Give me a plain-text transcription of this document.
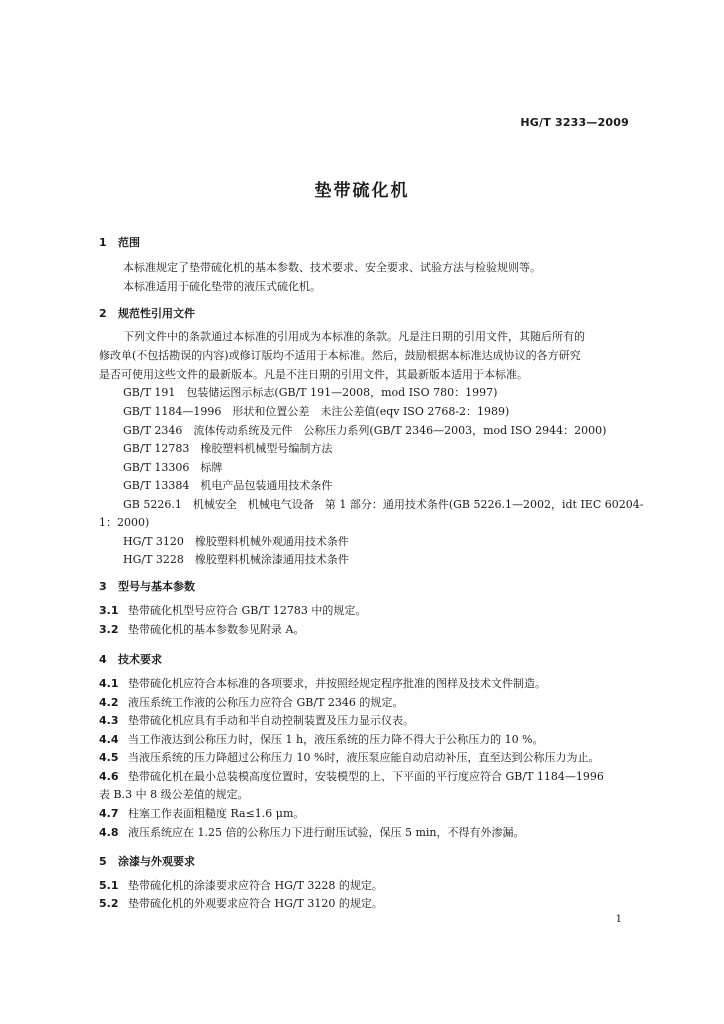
HG/T 3233—2009
垫带硫化机
1 范围
本标准规定了垫带硫化机的基本参数、技术要求、安全要求、试验方法与检验规则等。
本标准适用于硫化垫带的液压式硫化机。
2 规范性引用文件
下列文件中的条款通过本标准的引用成为本标准的条款。凡是注日期的引用文件，其随后所有的
修改单(不包括勘误的内容)或修订版均不适用于本标准。然后，鼓励根据本标准达成协议的各方研究
是否可使用这些文件的最新版本。凡是不注日期的引用文件，其最新版本适用于本标准。
GB/T 191　包装储运图示标志(GB/T 191—2008，mod ISO 780：1997)
GB/T 1184—1996　形状和位置公差　未注公差值(eqv ISO 2768-2：1989)
GB/T 2346　流体传动系统及元件　公称压力系列(GB/T 2346—2003，mod ISO 2944：2000)
GB/T 12783　橡胶塑料机械型号编制方法
GB/T 13306　标牌
GB/T 13384　机电产品包装通用技术条件
GB 5226.1　机械安全　机械电气设备　第 1 部分：通用技术条件(GB 5226.1—2002，idt IEC 60204-
1：2000)
HG/T 3120　橡胶塑料机械外观通用技术条件
HG/T 3228　橡胶塑料机械涂漆通用技术条件
3 型号与基本参数
3.1 垫带硫化机型号应符合 GB/T 12783 中的规定。
3.2 垫带硫化机的基本参数参见附录 A。
4 技术要求
4.1 垫带硫化机应符合本标准的各项要求，并按照经规定程序批准的图样及技术文件制造。
4.2 液压系统工作液的公称压力应符合 GB/T 2346 的规定。
4.3 垫带硫化机应具有手动和半自动控制装置及压力显示仪表。
4.4 当工作液达到公称压力时，保压 1 h，液压系统的压力降不得大于公称压力的 10 %。
4.5 当液压系统的压力降超过公称压力 10 %时，液压泵应能自动启动补压，直至达到公称压力为止。
4.6 垫带硫化机在最小总装模高度位置时，安装模型的上、下平面的平行度应符合 GB/T 1184—1996
表 B.3 中 8 级公差值的规定。
4.7 柱塞工作表面粗糙度 Ra≤1.6 μm。
4.8 液压系统应在 1.25 倍的公称压力下进行耐压试验，保压 5 min，不得有外渗漏。
5 涂漆与外观要求
5.1 垫带硫化机的涂漆要求应符合 HG/T 3228 的规定。
5.2 垫带硫化机的外观要求应符合 HG/T 3120 的规定。
1
